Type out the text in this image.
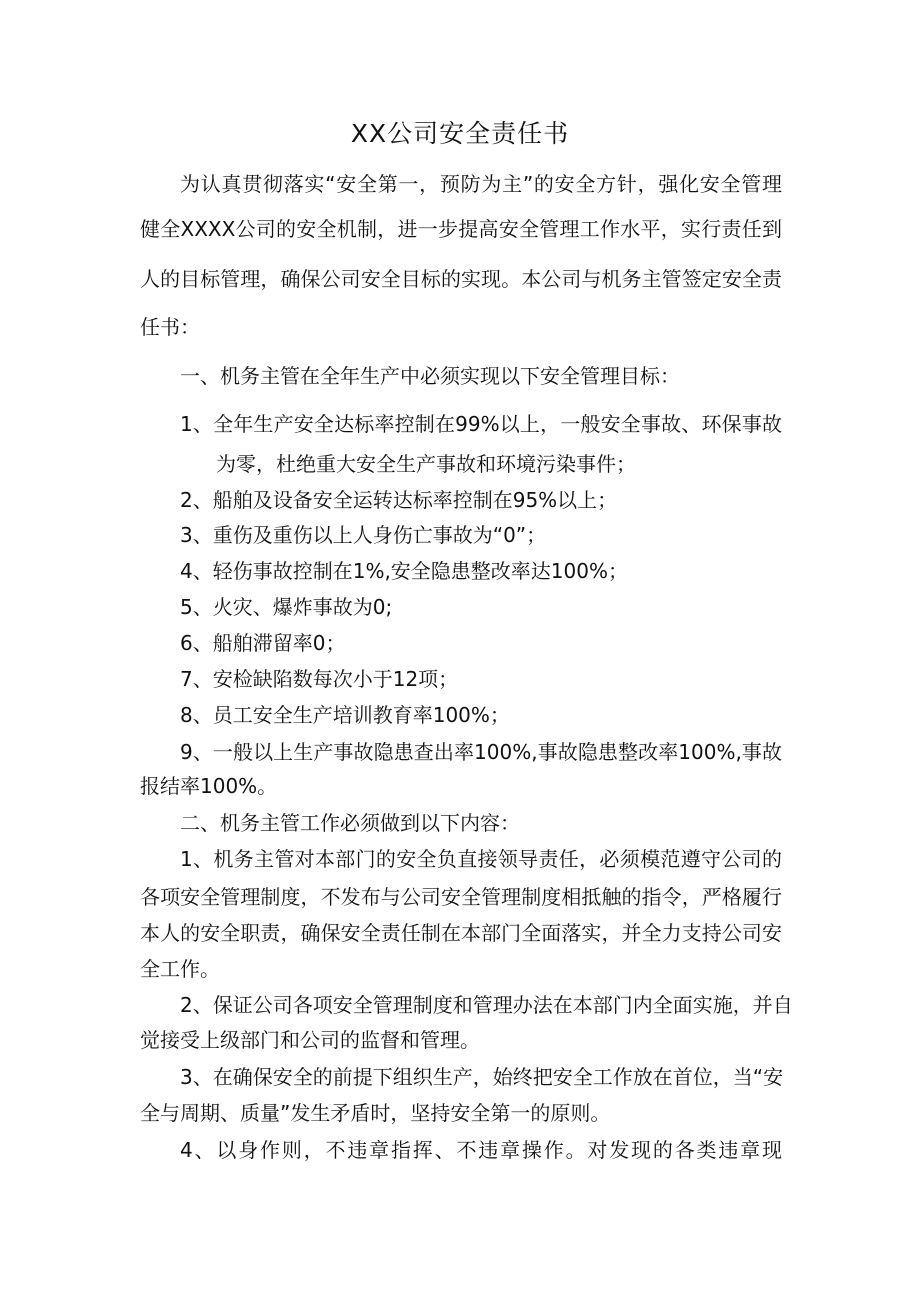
XX公司安全责任书
为认真贯彻落实“安全第一，预防为主”的安全方针，强化安全管理
健全XXXX公司的安全机制，进一步提高安全管理工作水平，实行责任到
人的目标管理，确保公司安全目标的实现。本公司与机务主管签定安全责
任书：
一、机务主管在全年生产中必须实现以下安全管理目标：
1、全年生产安全达标率控制在99%以上，一般安全事故、环保事故
为零，杜绝重大安全生产事故和环境污染事件；
2、船舶及设备安全运转达标率控制在95%以上；
3、重伤及重伤以上人身伤亡事故为“0”；
4、轻伤事故控制在1%,安全隐患整改率达100%；
5、火灾、爆炸事故为0;
6、船舶滞留率0；
7、安检缺陷数每次小于12项；
8、员工安全生产培训教育率100%；
9、一般以上生产事故隐患查出率100%,事故隐患整改率100%,事故
报结率100%。
二、机务主管工作必须做到以下内容：
1、机务主管对本部门的安全负直接领导责任，必须模范遵守公司的
各项安全管理制度，不发布与公司安全管理制度相抵触的指令，严格履行
本人的安全职责，确保安全责任制在本部门全面落实，并全力支持公司安
全工作。
2、保证公司各项安全管理制度和管理办法在本部门内全面实施，并自
觉接受上级部门和公司的监督和管理。
3、在确保安全的前提下组织生产，始终把安全工作放在首位，当“安
全与周期、质量”发生矛盾时，坚持安全第一的原则。
4、以身作则，不违章指挥、不违章操作。对发现的各类违章现
